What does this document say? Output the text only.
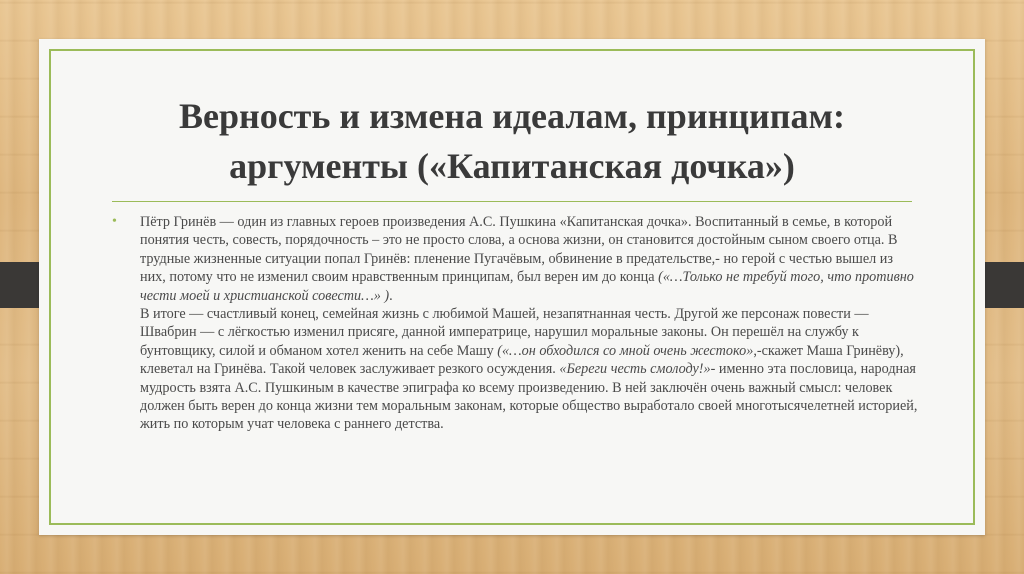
Верность и измена идеалам, принципам:
аргументы («Капитанская дочка»)
• Пётр Гринёв — один из главных героев произведения А.С. Пушкина «Капитанская дочка». Воспитанный в семье, в которой понятия честь, совесть, порядочность – это не просто слова, а основа жизни, он становится достойным сыном своего отца. В трудные жизненные ситуации попал Гринёв: пленение Пугачёвым, обвинение в предательстве,- но герой с честью вышел из них, потому что не изменил своим нравственным принципам, был верен им до конца («…Только не требуй того, что противно чести моей и христианской совести…» ).
В итоге — счастливый конец, семейная жизнь с любимой Машей, незапятнанная честь. Другой же персонаж повести — Швабрин — с лёгкостью изменил присяге, данной императрице, нарушил моральные законы. Он перешёл на службу к бунтовщику, силой и обманом хотел женить на себе Машу («…он обходился со мной очень жестоко»,-скажет Маша Гринёву), клеветал на Гринёва. Такой человек заслуживает резкого осуждения. «Береги честь смолоду!»- именно эта пословица, народная мудрость взята А.С. Пушкиным в качестве эпиграфа ко всему произведению. В ней заключён очень важный смысл: человек должен быть верен до конца жизни тем моральным законам, которые общество выработало своей многотысячелетней историей, жить по которым учат человека с раннего детства.
